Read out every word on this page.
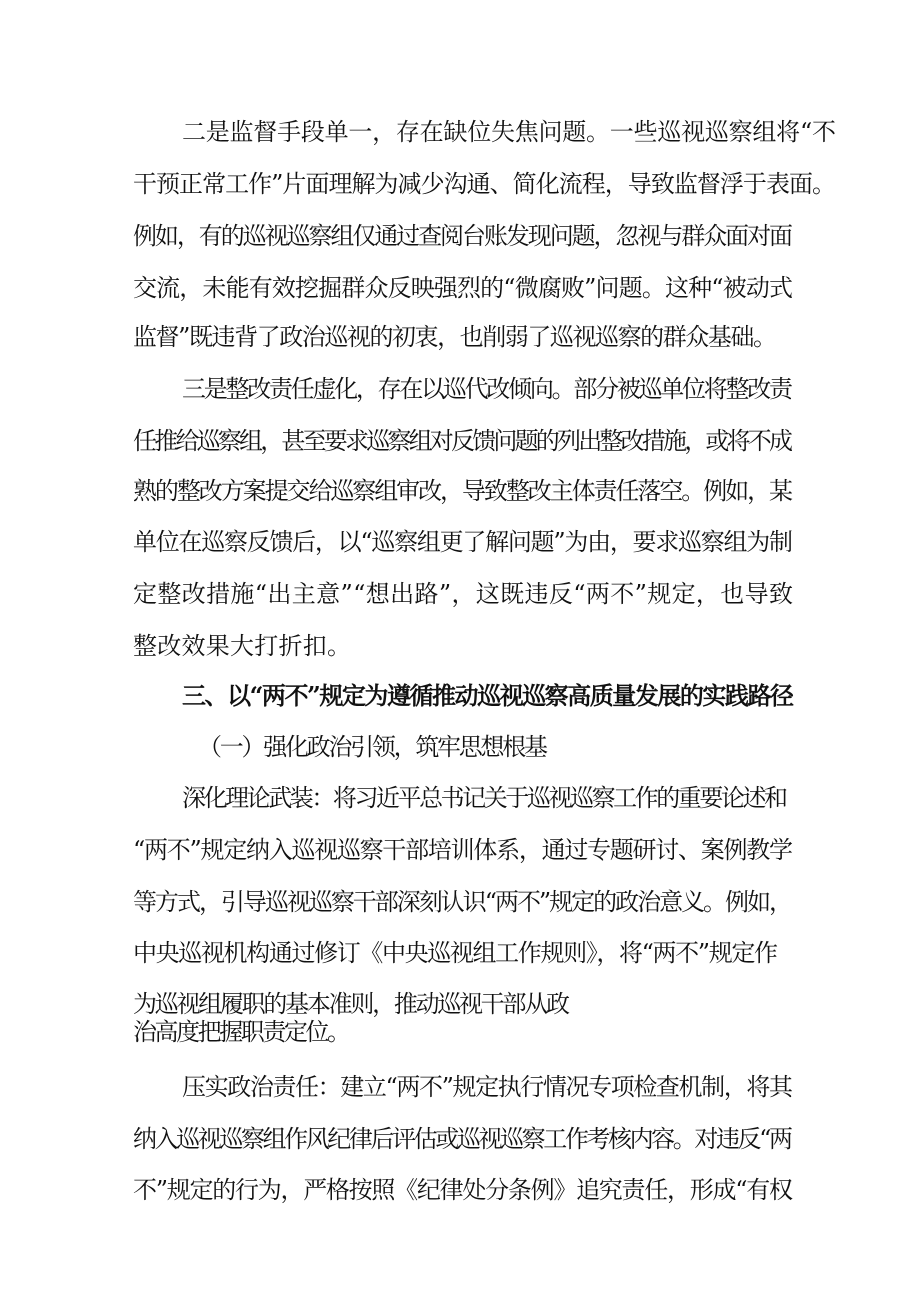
二是监督手段单一，存在缺位失焦问题。一些巡视巡察组将“不
干预正常工作”片面理解为减少沟通、简化流程，导致监督浮于表面。
例如，有的巡视巡察组仅通过查阅台账发现问题，忽视与群众面对面
交流，未能有效挖掘群众反映强烈的“微腐败”问题。这种“被动式
监督”既违背了政治巡视的初衷，也削弱了巡视巡察的群众基础。
三是整改责任虚化，存在以巡代改倾向。部分被巡单位将整改责
任推给巡察组，甚至要求巡察组对反馈问题的列出整改措施，或将不成
熟的整改方案提交给巡察组审改，导致整改主体责任落空。例如，某
单位在巡察反馈后，以“巡察组更了解问题”为由，要求巡察组为制
定整改措施“出主意”“想出路”，这既违反“两不”规定，也导致
整改效果大打折扣。
三、以“两不”规定为遵循推动巡视巡察高质量发展的实践路径
（一）强化政治引领，筑牢思想根基
深化理论武装：将习近平总书记关于巡视巡察工作的重要论述和
“两不”规定纳入巡视巡察干部培训体系，通过专题研讨、案例教学
等方式，引导巡视巡察干部深刻认识“两不”规定的政治意义。例如，
中央巡视机构通过修订《中央巡视组工作规则》，将“两不”规定作
为巡视组履职的基本准则，推动巡视干部从政
治高度把握职责定位。
压实政治责任：建立“两不”规定执行情况专项检查机制，将其
纳入巡视巡察组作风纪律后评估或巡视巡察工作考核内容。对违反“两
不”规定的行为，严格按照《纪律处分条例》追究责任，形成“有权
